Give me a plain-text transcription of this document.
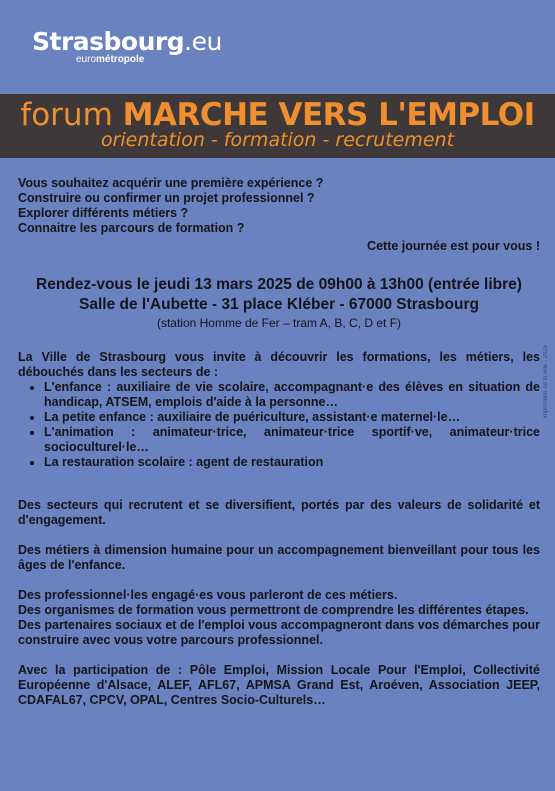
Strasbourg.eu
eurométropole
forum MARCHE VERS L'EMPLOI
orientation - formation - recrutement

Vous souhaitez acquérir une première expérience ?

Construire ou confirmer un projet professionnel ?

Explorer différents métiers ?

Connaitre les parcours de formation ?

Cette journée est pour vous !
Rendez-vous le jeudi 13 mars 2025 de 09h00 à 13h00 (entrée libre)
Salle de l'Aubette - 31 place Kléber - 67000 Strasbourg
(station Homme de Fer – tram A, B, C, D et F)
La Ville de Strasbourg vous invite à découvrir les formations, les métiers, les débouchés dans les secteurs de :
• L'enfance : auxiliaire de vie scolaire, accompagnant·e des élèves en situation de handicap, ATSEM, emplois d'aide à la personne…
• La petite enfance : auxiliaire de puériculture, assistant·e maternel·le…
• L'animation : animateur·trice, animateur·trice sportif·ve, animateur·trice socioculturel·le…
• La restauration scolaire : agent de restauration
Des secteurs qui recrutent et se diversifient, portés par des valeurs de solidarité et d'engagement.
Des métiers à dimension humaine pour un accompagnement bienveillant pour tous les âges de l'enfance.
Des professionnel·les engagé·es vous parleront de ces métiers.
Des organismes de formation vous permettront de comprendre les différentes étapes.
Des partenaires sociaux et de l'emploi vous accompagneront dans vos démarches pour construire avec vous votre parcours professionnel.
Avec la participation de : Pôle Emploi, Mission Locale Pour l'Emploi, Collectivité Européenne d'Alsace, ALEF, AFL67, APMSA Grand Est, Aroéven, Association JEEP, CDAFAL67, CPCV, OPAL, Centres Socio-Culturels…
imprimerie de la ville - 2025
